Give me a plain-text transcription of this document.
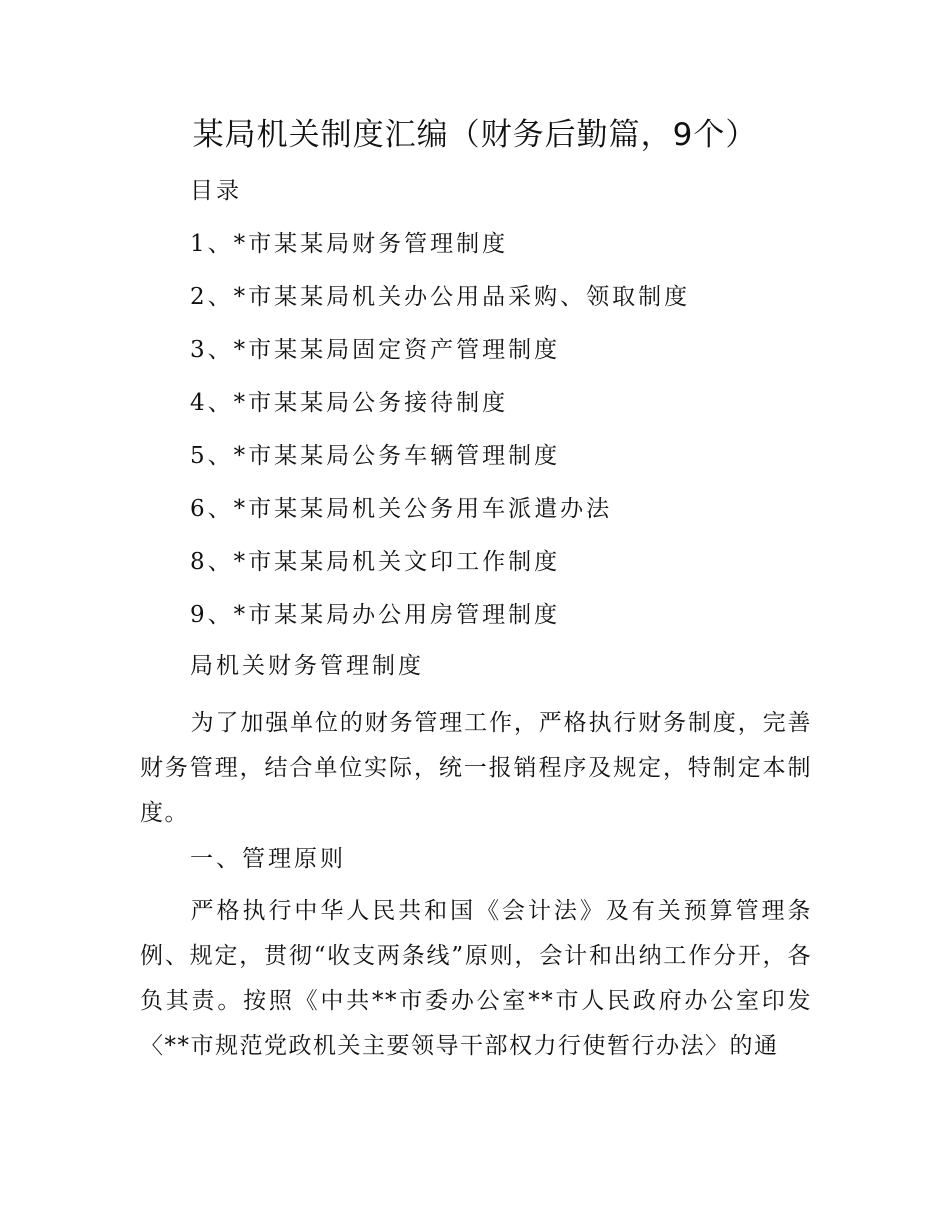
某局机关制度汇编（财务后勤篇，9个）

目录

1、*市某某局财务管理制度
2、*市某某局机关办公用品采购、领取制度
3、*市某某局固定资产管理制度
4、*市某某局公务接待制度
5、*市某某局公务车辆管理制度
6、*市某某局机关公务用车派遣办法
8、*市某某局机关文印工作制度
9、*市某某局办公用房管理制度

局机关财务管理制度

为了加强单位的财务管理工作，严格执行财务制度，完善财务管理，结合单位实际，统一报销程序及规定，特制定本制度。

一、管理原则

严格执行中华人民共和国《会计法》及有关预算管理条例、规定，贯彻“收支两条线”原则，会计和出纳工作分开，各负其责。按照《中共**市委办公室**市人民政府办公室印发〈**市规范党政机关主要领导干部权力行使暂行办法〉的通
